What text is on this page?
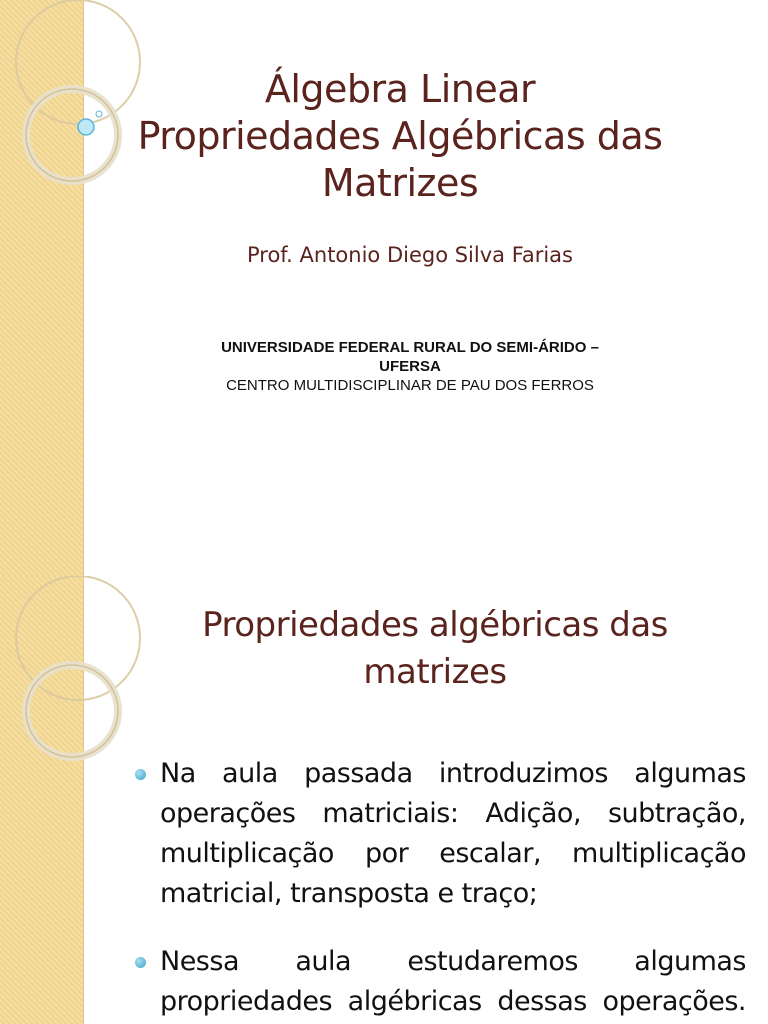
Álgebra Linear
Propriedades Algébricas das
Matrizes
Prof. Antonio Diego Silva Farias
UNIVERSIDADE FEDERAL RURAL DO SEMI-ÁRIDO –
UFERSA
CENTRO MULTIDISCIPLINAR DE PAU DOS FERROS
Propriedades algébricas das
matrizes
Na aula passada introduzimos algumas
operações matriciais: Adição, subtração,
multiplicação por escalar, multiplicação
matricial, transposta e traço;
Nessa aula estudaremos algumas
propriedades algébricas dessas operações.
